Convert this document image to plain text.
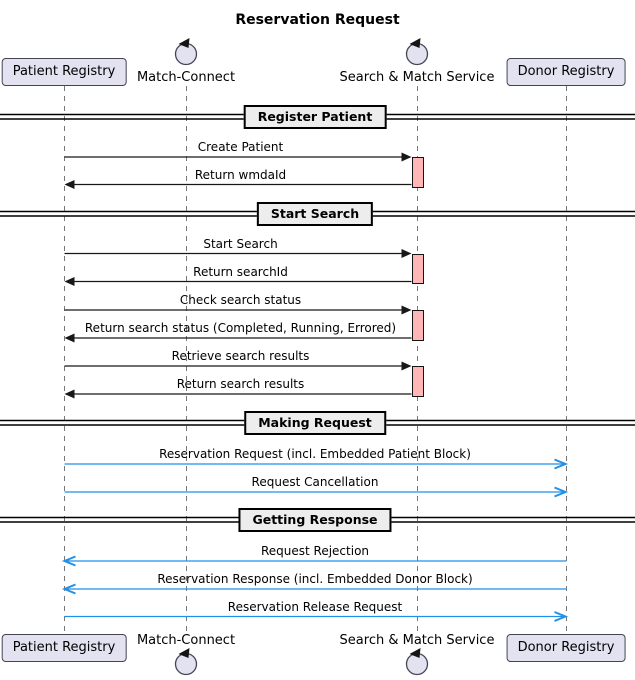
Reservation Request
Register Patient
Start Search
Making Request
Getting Response
Create Patient
Return wmdaId
Start Search
Return searchId
Check search status
Return search status (Completed, Running, Errored)
Retrieve search results
Return search results
Reservation Request (incl. Embedded Patient Block)
Request Cancellation
Request Rejection
Reservation Response (incl. Embedded Donor Block)
Reservation Release Request
Patient Registry
Patient Registry
Match-Connect
Match-Connect
Search & Match Service
Search & Match Service
Donor Registry
Donor Registry
